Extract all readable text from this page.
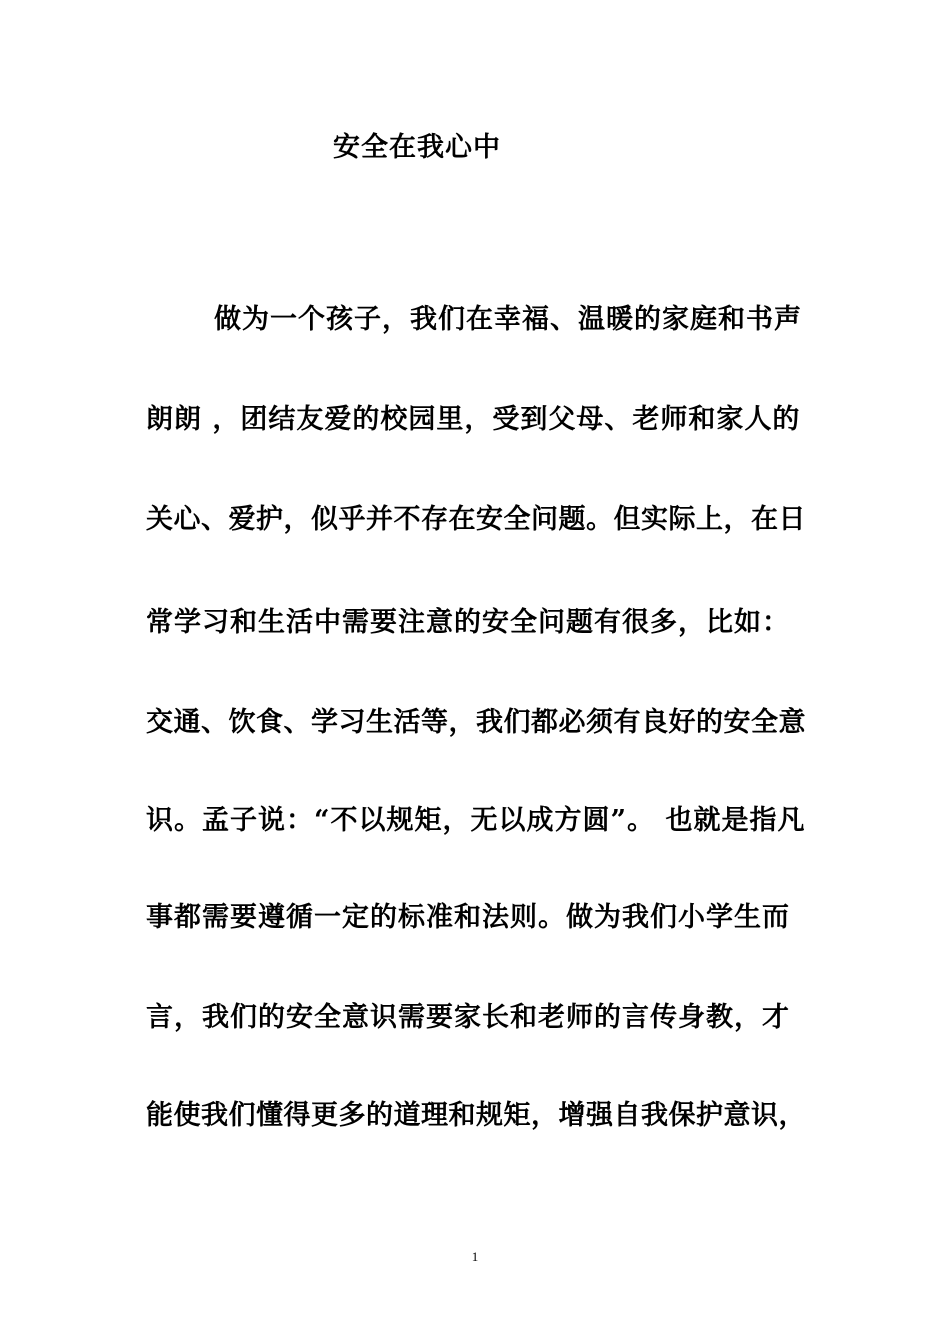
安全在我心中
做为一个孩子，我们在幸福、温暖的家庭和书声
朗朗 ，团结友爱的校园里，受到父母、老师和家人的
关心、爱护，似乎并不存在安全问题。但实际上，在日
常学习和生活中需要注意的安全问题有很多，比如：
交通、饮食、学习生活等，我们都必须有良好的安全意
识。孟子说：“不以规矩，无以成方圆”。 也就是指凡
事都需要遵循一定的标准和法则。做为我们小学生而
言，我们的安全意识需要家长和老师的言传身教，才
能使我们懂得更多的道理和规矩，增强自我保护意识，
1
